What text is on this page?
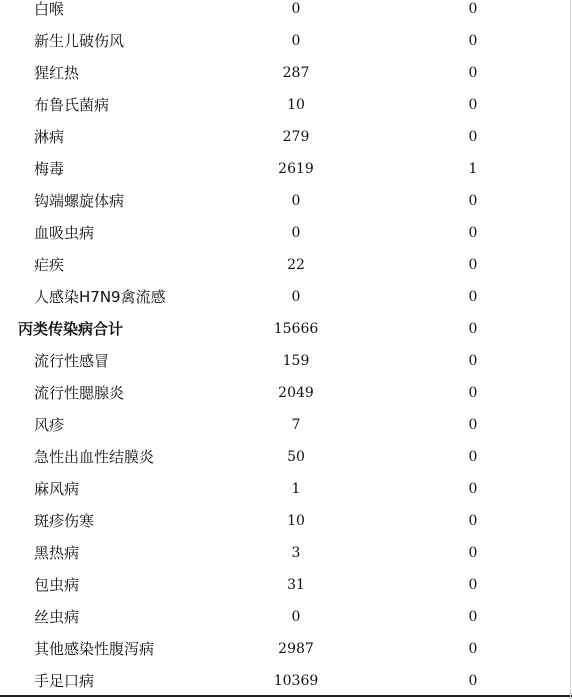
白喉	0	0
新生儿破伤风	0	0
猩红热	287	0
布鲁氏菌病	10	0
淋病	279	0
梅毒	2619	1
钩端螺旋体病	0	0
血吸虫病	0	0
疟疾	22	0
人感染H7N9禽流感	0	0
丙类传染病合计	15666	0
流行性感冒	159	0
流行性腮腺炎	2049	0
风疹	7	0
急性出血性结膜炎	50	0
麻风病	1	0
斑疹伤寒	10	0
黑热病	3	0
包虫病	31	0
丝虫病	0	0
其他感染性腹泻病	2987	0
手足口病	10369	0
